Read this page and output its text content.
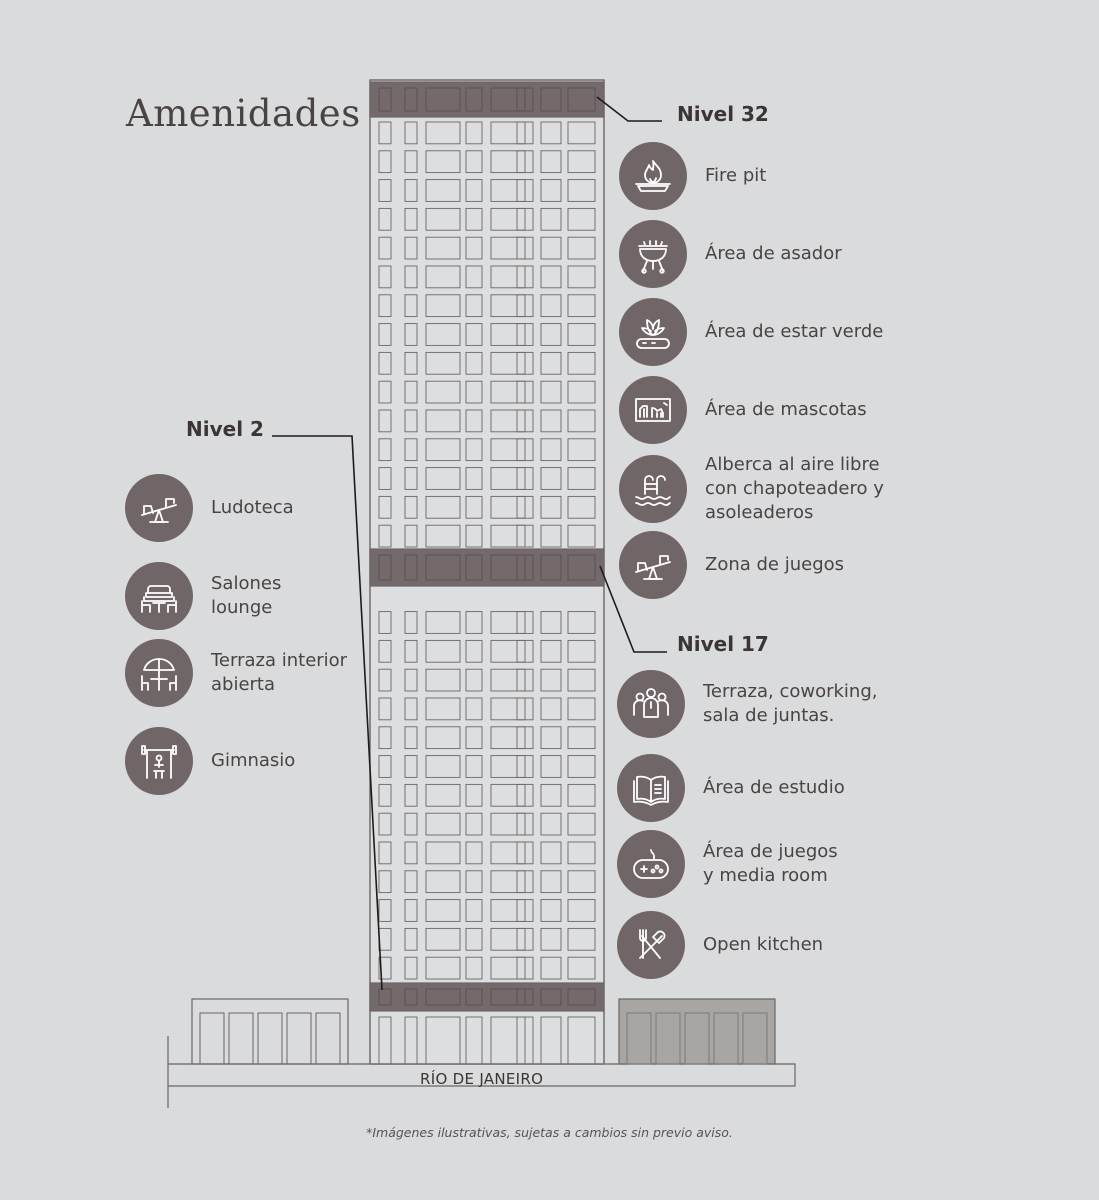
Amenidades	Nivel 32
Nivel 17
Nivel 2
Fire pit
Área de asador
Área de estar verde
Área de mascotas
Alberca al aire libre
con chapoteadero y
asoleaderos
Zona de juegos
Terraza, coworking,
sala de juntas.
Área de estudio
Área de juegos
y media room
Open kitchen
Ludoteca
Salones
lounge
Terraza interior
abierta
Gimnasio
RÍO DE JANEIRO
*Imágenes ilustrativas, sujetas a cambios sin previo aviso.
